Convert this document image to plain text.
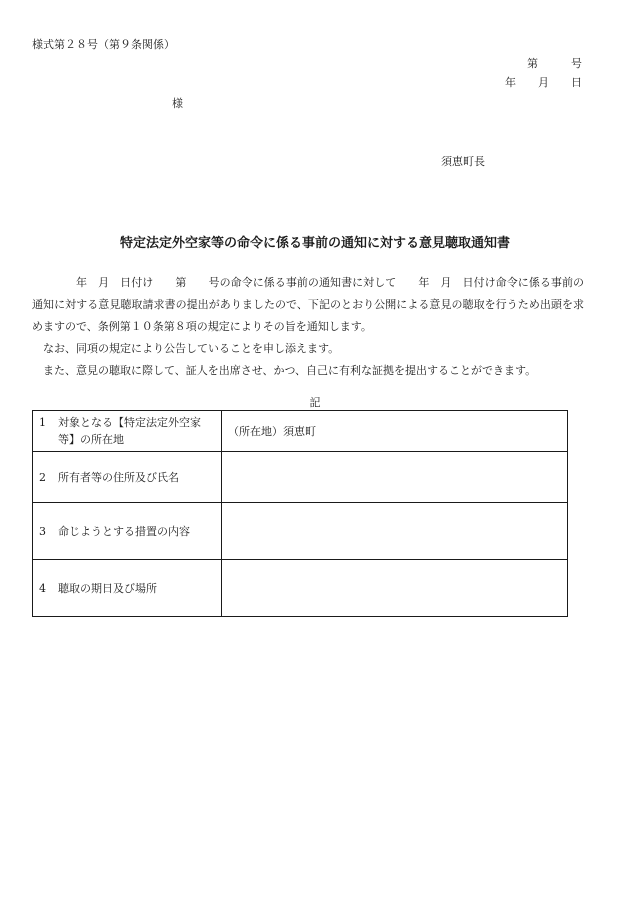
様式第２８号（第９条関係）
第　　　号
年　　月　　日
様
須恵町長
特定法定外空家等の命令に係る事前の通知に対する意見聴取通知書

年　月　日付け　　第　　号の命令に係る事前の通知書に対して　　年　月　日付け命令に係る事前の通知に対する意見聴取請求書の提出がありましたので、下記のとおり公開による意見の聴取を行うため出頭を求めますので、条例第１０条第８項の規定によりその旨を通知します。

なお、同項の規定により公告していることを申し添えます。

また、意見の聴取に際して、証人を出席させ、かつ、自己に有利な証拠を提出することができます。

記
1 対象となる【特定法定外空家
等】の所在地	（所在地）須恵町
2 所有者等の住所及び氏名	
3 命じようとする措置の内容	
4 聴取の期日及び場所	
